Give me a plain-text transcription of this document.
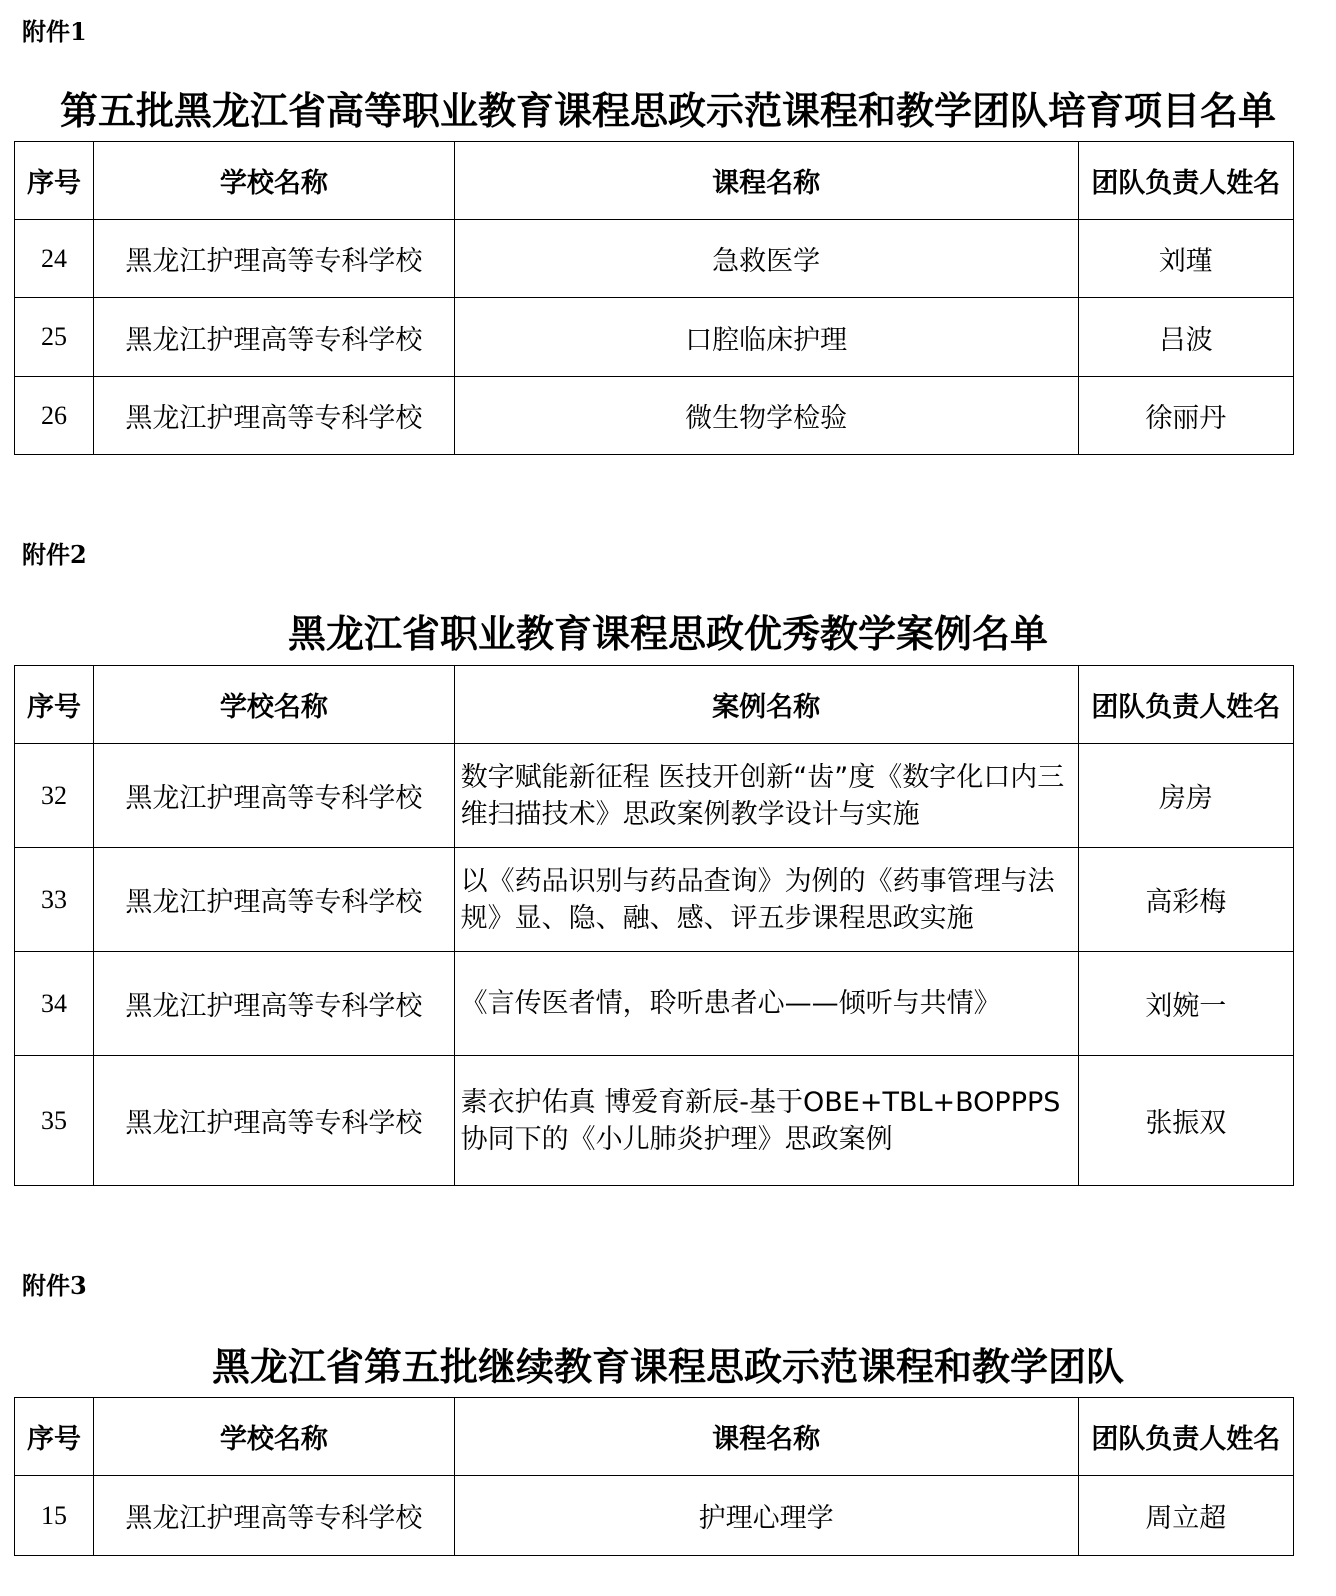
附件1
第五批黑龙江省高等职业教育课程思政示范课程和教学团队培育项目名单
序号	学校名称	课程名称	团队负责人姓名
24	黑龙江护理高等专科学校	急救医学	刘瑾
25	黑龙江护理高等专科学校	口腔临床护理	吕波
26	黑龙江护理高等专科学校	微生物学检验	徐丽丹
附件2
黑龙江省职业教育课程思政优秀教学案例名单
序号	学校名称	案例名称	团队负责人姓名
32	黑龙江护理高等专科学校	数字赋能新征程 医技开创新“齿”度《数字化口内三维扫描技术》思政案例教学设计与实施	房房
33	黑龙江护理高等专科学校	以《药品识别与药品查询》为例的《药事管理与法规》显、隐、融、感、评五步课程思政实施	高彩梅
34	黑龙江护理高等专科学校	《言传医者情，聆听患者心——倾听与共情》	刘婉一
35	黑龙江护理高等专科学校	素衣护佑真 博爱育新辰-基于OBE+TBL+BOPPPS协同下的《小儿肺炎护理》思政案例	张振双
附件3
黑龙江省第五批继续教育课程思政示范课程和教学团队
序号	学校名称	课程名称	团队负责人姓名
15	黑龙江护理高等专科学校	护理心理学	周立超
